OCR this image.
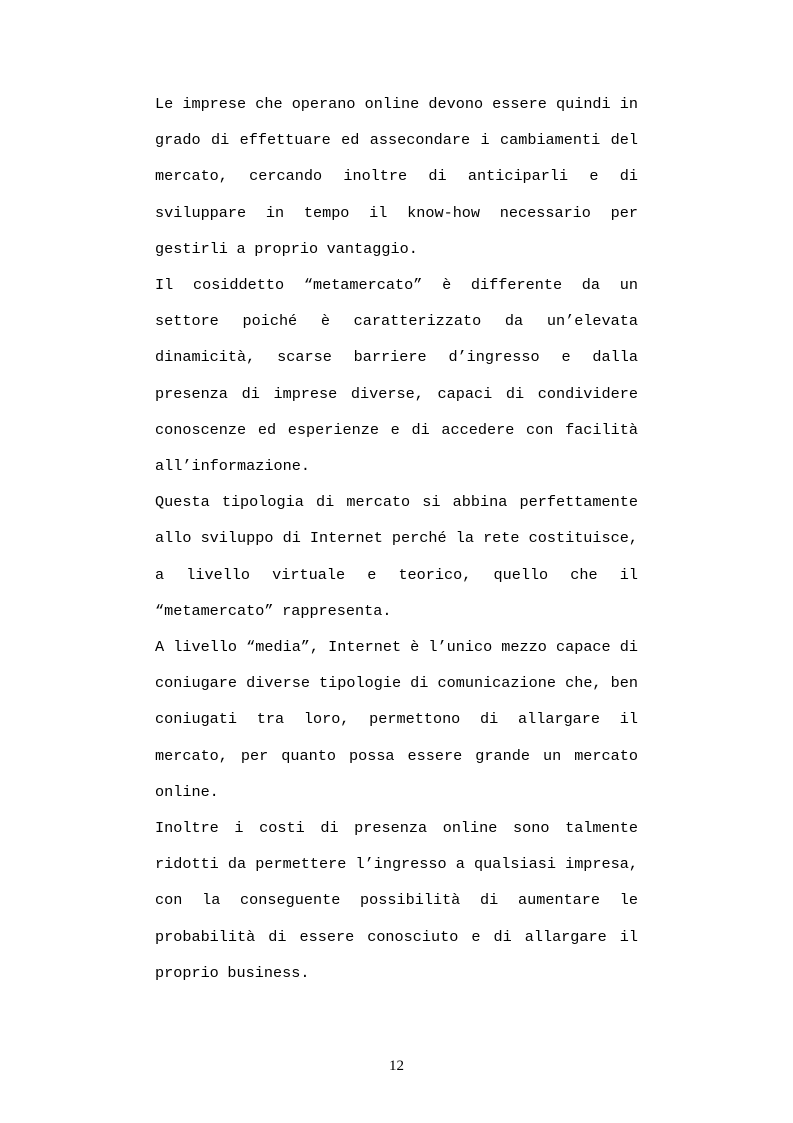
Le imprese che operano online devono essere quindi in grado di effettuare ed assecondare i cambiamenti del mercato, cercando inoltre di anticiparli e di sviluppare in tempo il know-how necessario per gestirli a proprio vantaggio.

Il cosiddetto “metamercato” è differente da un settore poiché è caratterizzato da un’elevata dinamicità, scarse barriere d’ingresso e dalla presenza di imprese diverse, capaci di condividere conoscenze ed esperienze e di accedere con facilità all’informazione.

Questa tipologia di mercato si abbina perfettamente allo sviluppo di Internet perché la rete costituisce, a livello virtuale e teorico, quello che il “metamercato” rappresenta.

A livello “media”, Internet è l’unico mezzo capace di coniugare diverse tipologie di comunicazione che, ben coniugati tra loro, permettono di allargare il mercato, per quanto possa essere grande un mercato online.

Inoltre i costi di presenza online sono talmente ridotti da permettere l’ingresso a qualsiasi impresa, con la conseguente possibilità di aumentare le probabilità di essere conosciuto e di allargare il proprio business.

12
